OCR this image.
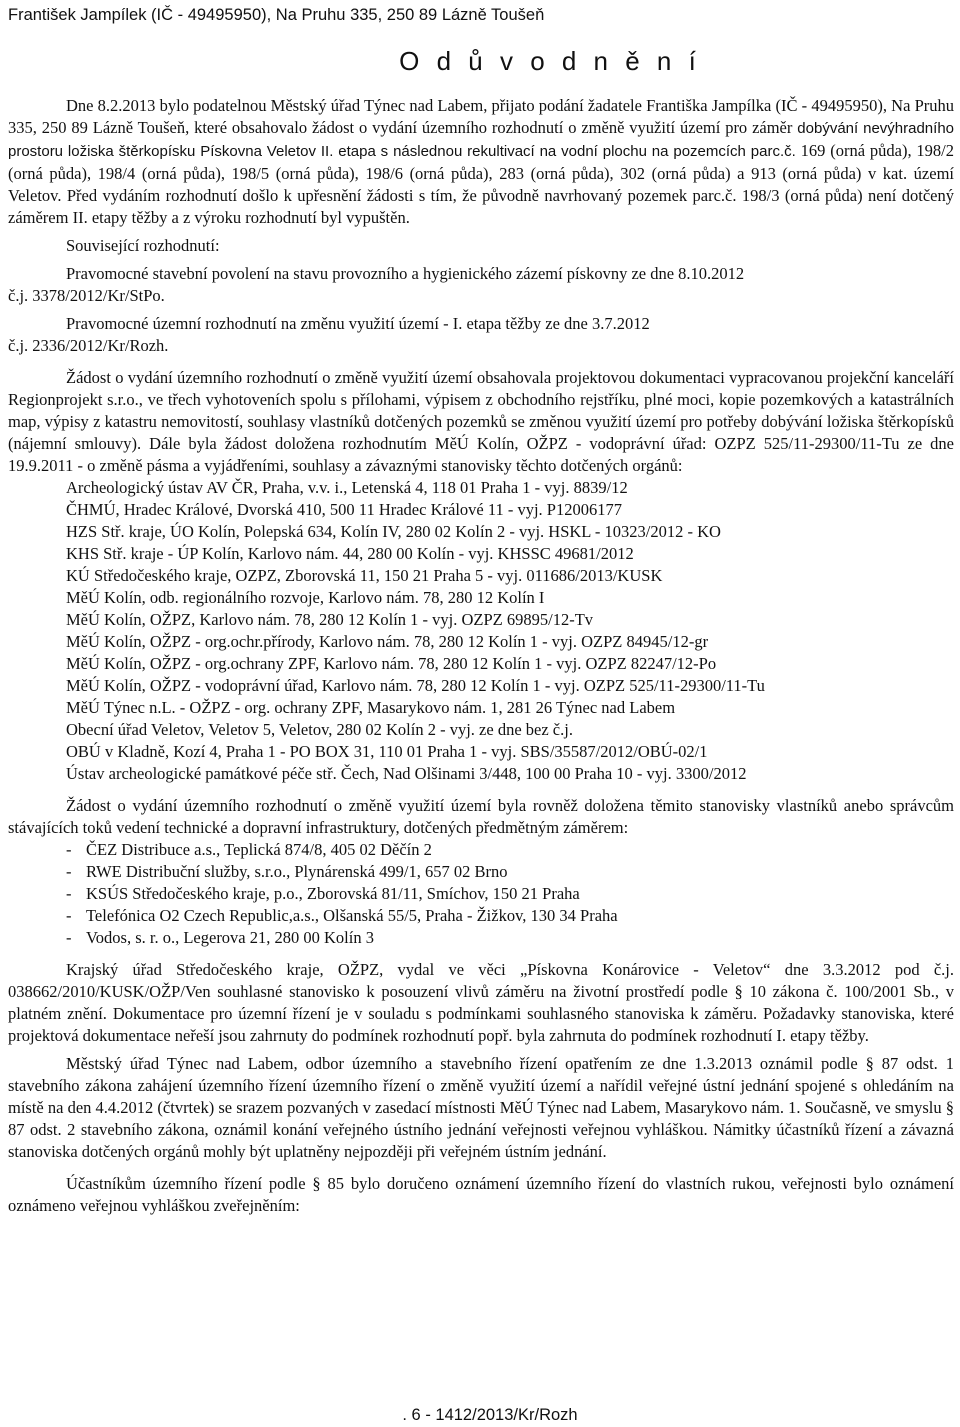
František Jampílek (IČ - 49495950), Na Pruhu 335, 250 89 Lázně Toušeň
O d ů v o d n ě n í

Dne 8.2.2013 bylo podatelnou Městský úřad Týnec nad Labem, přijato podání žadatele Františka Jampílka (IČ - 49495950), Na Pruhu 335, 250 89 Lázně Toušeň, které obsahovalo žádost o vydání územního rozhodnutí o změně využití území pro záměr dobývání nevýhradního prostoru ložiska štěrkopísku Pískovna Veletov II. etapa s následnou rekultivací na vodní plochu na pozemcích parc.č. 169 (orná půda), 198/2 (orná půda), 198/4 (orná půda), 198/5 (orná půda), 198/6 (orná půda), 283 (orná půda), 302 (orná půda) a 913 (orná půda) v kat. území Veletov. Před vydáním rozhodnutí došlo k upřesnění žádosti s tím, že původně navrhovaný pozemek parc.č. 198/3 (orná půda) není dotčený záměrem II. etapy těžby a z výroku rozhodnutí byl vypuštěn.

Související rozhodnutí:

Pravomocné stavební povolení na stavu provozního a hygienického zázemí pískovny ze dne 8.10.2012

č.j. 3378/2012/Kr/StPo.

Pravomocné územní rozhodnutí na změnu využití území - I. etapa těžby ze dne 3.7.2012

č.j. 2336/2012/Kr/Rozh.

Žádost o vydání územního rozhodnutí o změně využití území obsahovala projektovou dokumentaci vypracovanou projekční kanceláří Regionprojekt s.r.o., ve třech vyhotoveních spolu s přílohami, výpisem z obchodního rejstříku, plné moci, kopie pozemkových a katastrálních map, výpisy z katastru nemovitostí, souhlasy vlastníků dotčených pozemků se změnou využití území pro potřeby dobývání ložiska štěrkopísků (nájemní smlouvy). Dále byla žádost doložena rozhodnutím MěÚ Kolín, OŽPZ - vodoprávní úřad: OZPZ 525/11-29300/11-Tu ze dne 19.9.2011 - o změně pásma a vyjádřeními, souhlasy a závaznými stanovisky těchto dotčených orgánů:

Archeologický ústav AV ČR, Praha, v.v. i., Letenská 4, 118 01 Praha 1 - vyj. 8839/12

ČHMÚ, Hradec Králové, Dvorská 410, 500 11 Hradec Králové 11 - vyj. P12006177

HZS Stř. kraje, ÚO Kolín, Polepská 634, Kolín IV, 280 02 Kolín 2 - vyj. HSKL - 10323/2012 - KO

KHS Stř. kraje - ÚP Kolín, Karlovo nám. 44, 280 00 Kolín - vyj. KHSSC 49681/2012

KÚ Středočeského kraje, OZPZ, Zborovská 11, 150 21 Praha 5 - vyj. 011686/2013/KUSK

MěÚ Kolín, odb. regionálního rozvoje, Karlovo nám. 78, 280 12 Kolín I

MěÚ Kolín, OŽPZ, Karlovo nám. 78, 280 12 Kolín 1 - vyj. OZPZ 69895/12-Tv

MěÚ Kolín, OŽPZ - org.ochr.přírody, Karlovo nám. 78, 280 12 Kolín 1 - vyj. OZPZ 84945/12-gr

MěÚ Kolín, OŽPZ - org.ochrany ZPF, Karlovo nám. 78, 280 12 Kolín 1 - vyj. OZPZ 82247/12-Po

MěÚ Kolín, OŽPZ - vodoprávní úřad, Karlovo nám. 78, 280 12 Kolín 1 - vyj. OZPZ 525/11-29300/11-Tu

MěÚ Týnec n.L. - OŽPZ - org. ochrany ZPF, Masarykovo nám. 1, 281 26 Týnec nad Labem

Obecní úřad Veletov, Veletov 5, Veletov, 280 02 Kolín 2 - vyj. ze dne bez č.j.

OBÚ v Kladně, Kozí 4, Praha 1 - PO BOX 31, 110 01 Praha 1 - vyj. SBS/35587/2012/OBÚ-02/1

Ústav archeologické památkové péče stř. Čech, Nad Olšinami 3/448, 100 00 Praha 10 - vyj. 3300/2012

Žádost o vydání územního rozhodnutí o změně využití území byla rovněž doložena těmito stanovisky vlastníků anebo správcům stávajících toků vedení technické a dopravní infrastruktury, dotčených předmětným záměrem:

- ČEZ Distribuce a.s., Teplická 874/8, 405 02 Děčín 2
- RWE Distribuční služby, s.r.o., Plynárenská 499/1, 657 02 Brno
- KSÚS Středočeského kraje, p.o., Zborovská 81/11, Smíchov, 150 21 Praha
- Telefónica O2 Czech Republic,a.s., Olšanská 55/5, Praha - Žižkov, 130 34 Praha
- Vodos, s. r. o., Legerova 21, 280 00 Kolín 3

Krajský úřad Středočeského kraje, OŽPZ, vydal ve věci „Pískovna Konárovice - Veletov“ dne 3.3.2012 pod č.j. 038662/2010/KUSK/OŽP/Ven souhlasné stanovisko k posouzení vlivů záměru na životní prostředí podle § 10 zákona č. 100/2001 Sb., v platném znění. Dokumentace pro územní řízení je v souladu s podmínkami souhlasného stanoviska k záměru. Požadavky stanoviska, které projektová dokumentace neřeší jsou zahrnuty do podmínek rozhodnutí popř. byla zahrnuta do podmínek rozhodnutí I. etapy těžby.

Městský úřad Týnec nad Labem, odbor územního a stavebního řízení opatřením ze dne 1.3.2013 oznámil podle § 87 odst. 1 stavebního zákona zahájení územního řízení územního řízení o změně využití území a nařídil veřejné ústní jednání spojené s ohledáním na místě na den 4.4.2012 (čtvrtek) se srazem pozvaných v zasedací místnosti MěÚ Týnec nad Labem, Masarykovo nám. 1. Současně, ve smyslu § 87 odst. 2 stavebního zákona, oznámil konání veřejného ústního jednání veřejnosti veřejnou vyhláškou. Námitky účastníků řízení a závazná stanoviska dotčených orgánů mohly být uplatněny nejpozději při veřejném ústním jednání.

Účastníkům územního řízení podle § 85 bylo doručeno oznámení územního řízení do vlastních rukou, veřejnosti bylo oznámení oznámeno veřejnou vyhláškou zveřejněním:

. 6 - 1412/2013/Kr/Rozh
